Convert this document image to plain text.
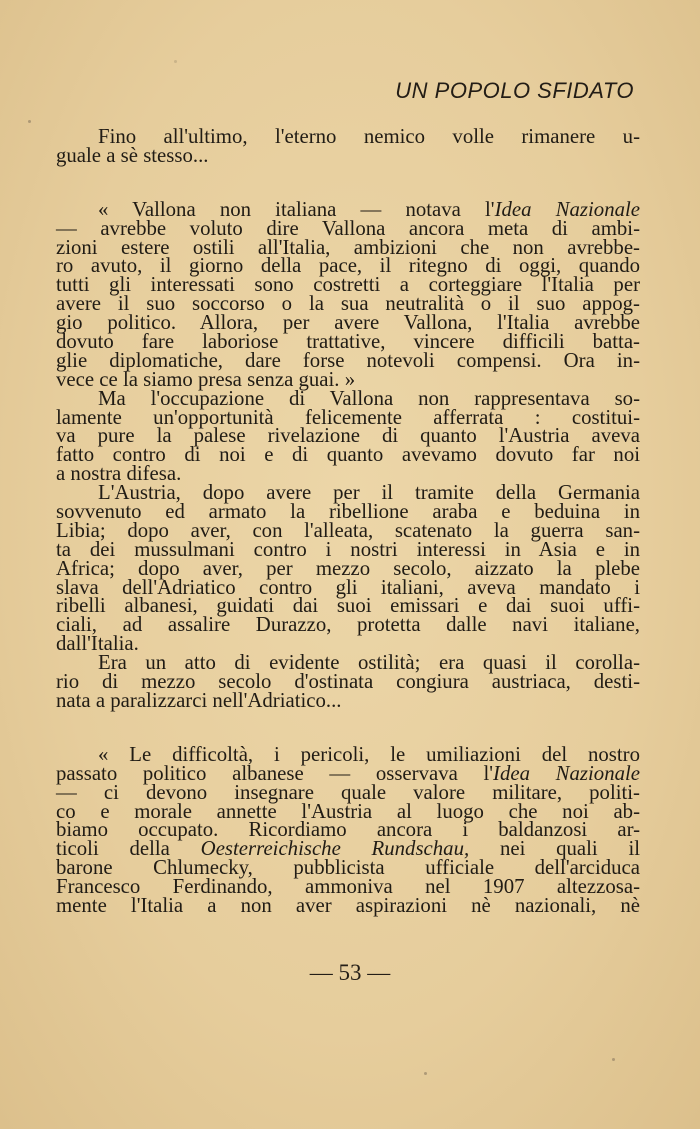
UN POPOLO SFIDATO
Fino all'ultimo, l'eterno nemico volle rimanere u-
guale a sè stesso...
« Vallona non italiana — notava l'Idea Nazionale
— avrebbe voluto dire Vallona ancora meta di ambi-
zioni estere ostili all'Italia, ambizioni che non avrebbe-
ro avuto, il giorno della pace, il ritegno di oggi, quando
tutti gli interessati sono costretti a corteggiare l'Italia per
avere il suo soccorso o la sua neutralità o il suo appog-
gio politico. Allora, per avere Vallona, l'Italia avrebbe
dovuto fare laboriose trattative, vincere difficili batta-
glie diplomatiche, dare forse notevoli compensi. Ora in-
vece ce la siamo presa senza guai. »
Ma l'occupazione di Vallona non rappresentava so-
lamente un'opportunità felicemente afferrata : costitui-
va pure la palese rivelazione di quanto l'Austria aveva
fatto contro di noi e di quanto avevamo dovuto far noi
a nostra difesa.
L'Austria, dopo avere per il tramite della Germania
sovvenuto ed armato la ribellione araba e beduina in
Libia; dopo aver, con l'alleata, scatenato la guerra san-
ta dei mussulmani contro i nostri interessi in Asia e in
Africa; dopo aver, per mezzo secolo, aizzato la plebe
slava dell'Adriatico contro gli italiani, aveva mandato i
ribelli albanesi, guidati dai suoi emissari e dai suoi uffi-
ciali, ad assalire Durazzo, protetta dalle navi italiane,
dall'Italia.
Era un atto di evidente ostilità; era quasi il corolla-
rio di mezzo secolo d'ostinata congiura austriaca, desti-
nata a paralizzarci nell'Adriatico...
« Le difficoltà, i pericoli, le umiliazioni del nostro
passato politico albanese — osservava l'Idea Nazionale
— ci devono insegnare quale valore militare, politi-
co e morale annette l'Austria al luogo che noi ab-
biamo occupato. Ricordiamo ancora i baldanzosi ar-
ticoli della Oesterreichische Rundschau, nei quali il
barone Chlumecky, pubblicista ufficiale dell'arciduca
Francesco Ferdinando, ammoniva nel 1907 altezzosa-
mente l'Italia a non aver aspirazioni nè nazionali, nè
— 53 —
